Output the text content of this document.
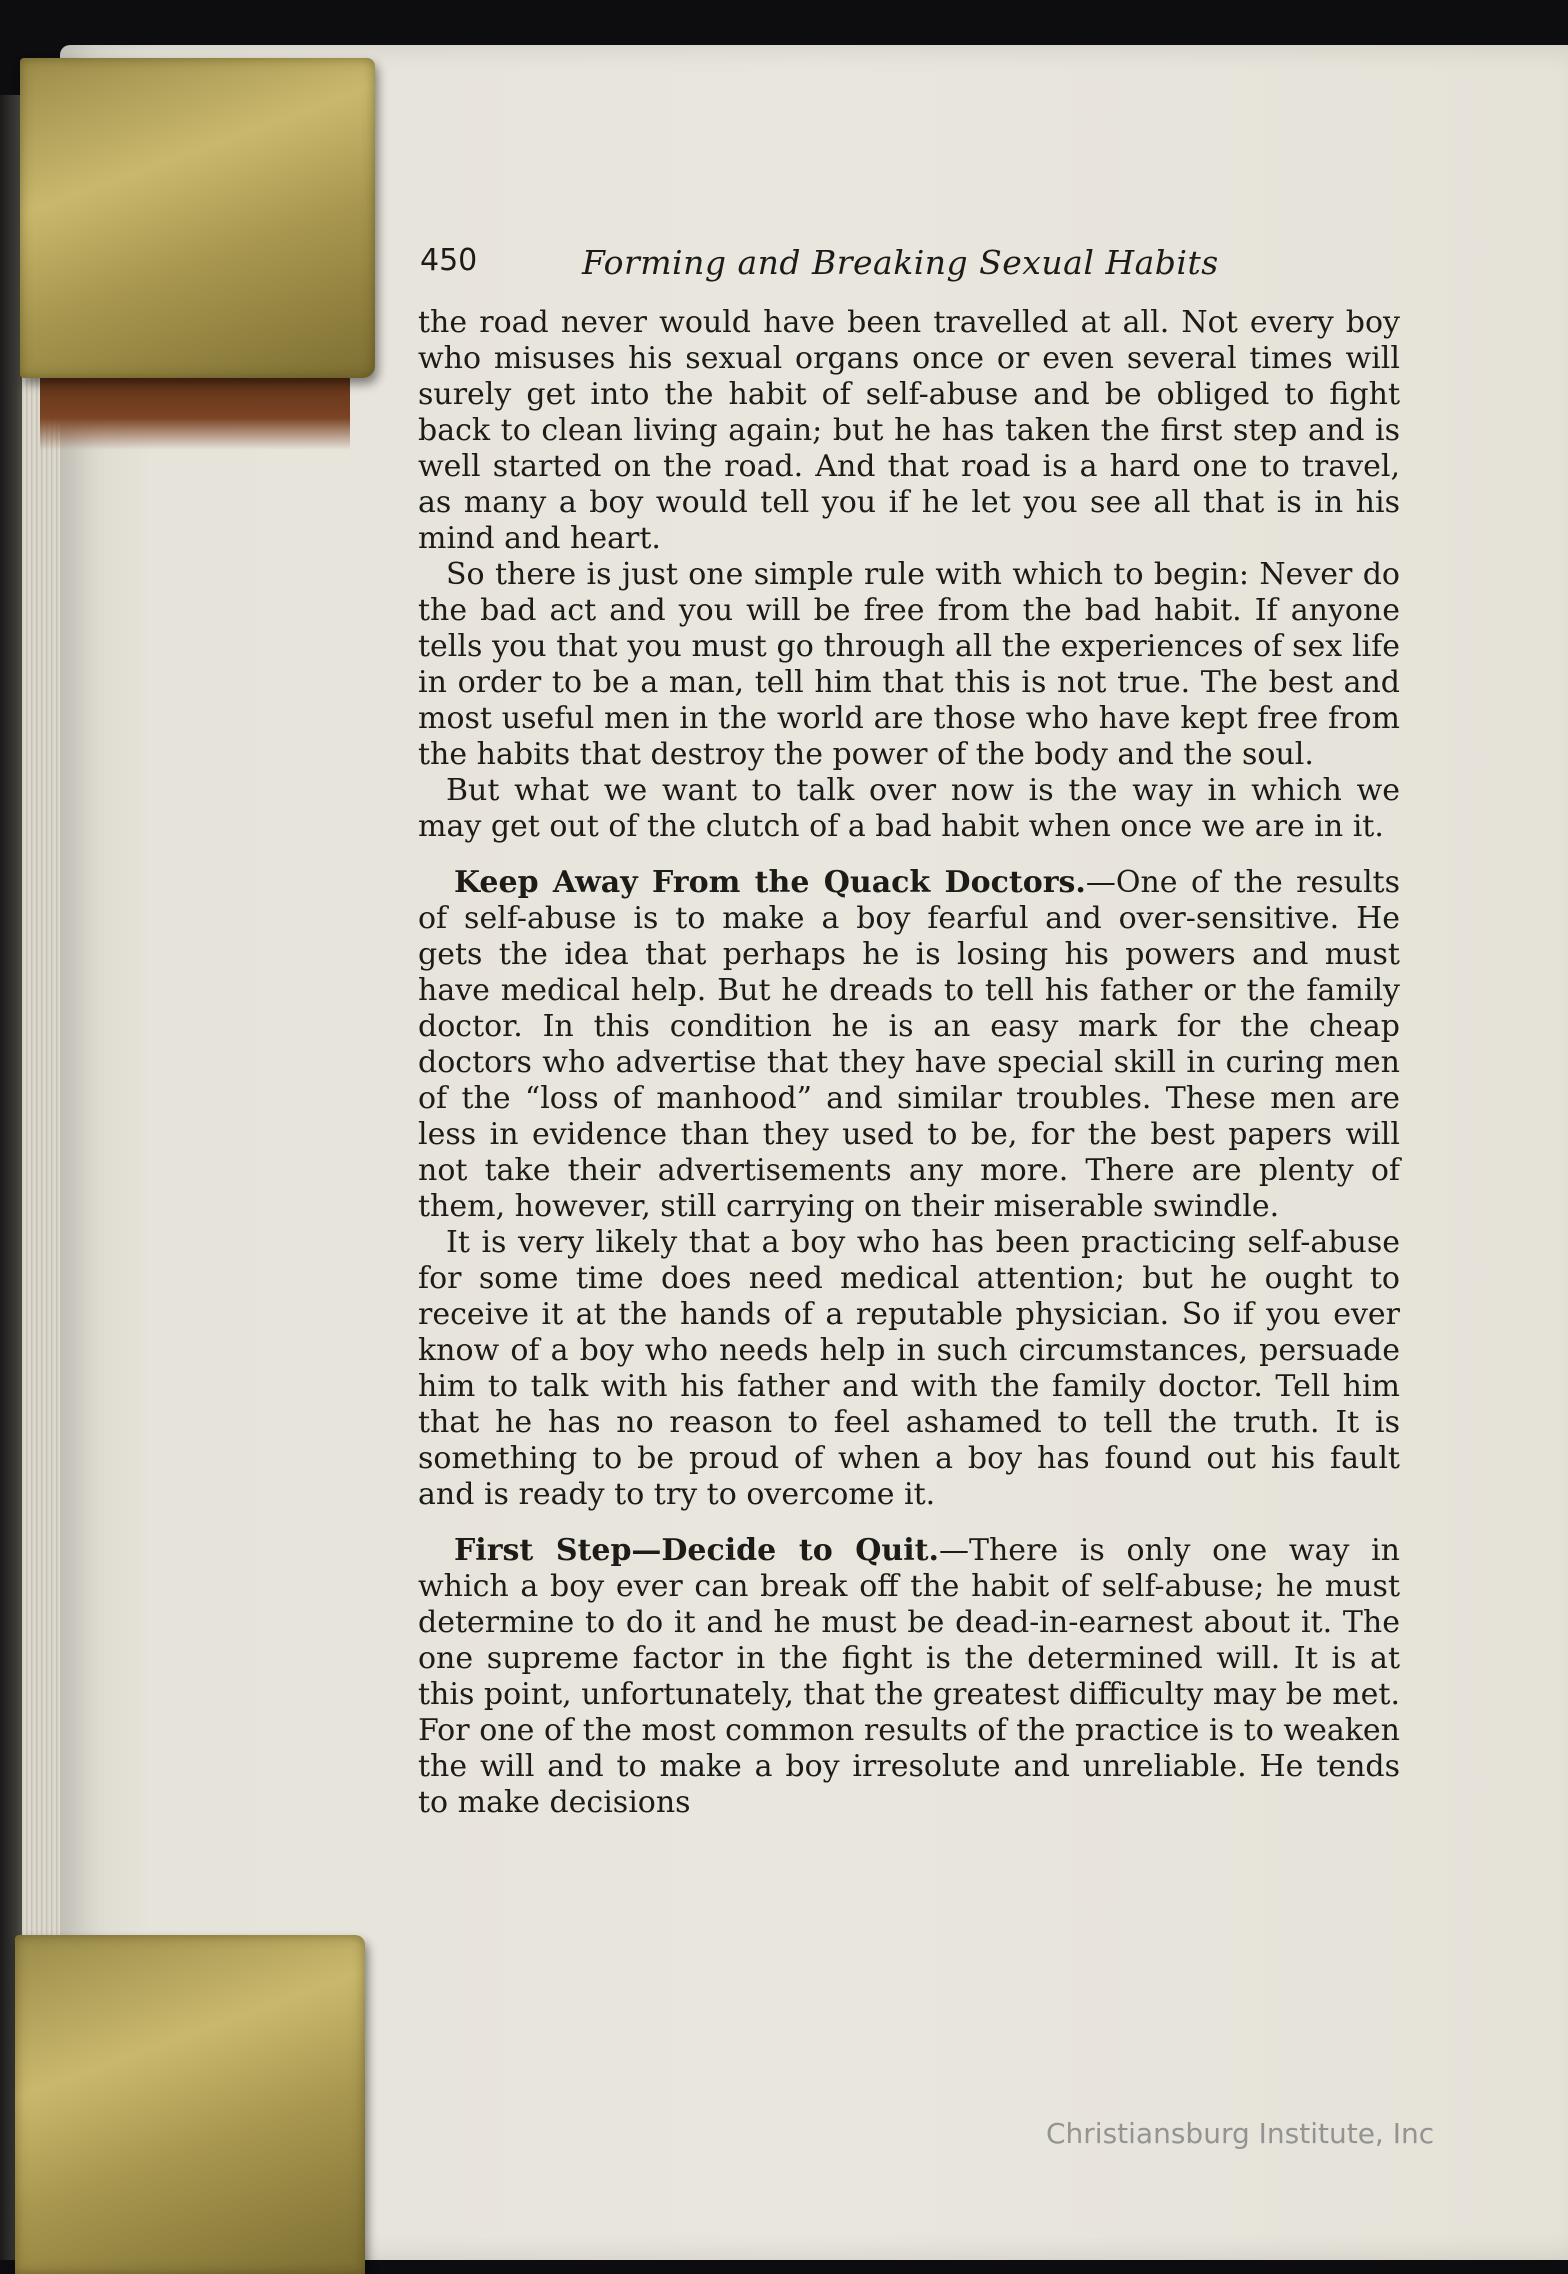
450	Forming and Breaking Sexual Habits

the road never would have been travelled at all. Not every boy who misuses his sexual organs once or even several times will surely get into the habit of self-abuse and be obliged to fight back to clean living again; but he has taken the first step and is well started on the road. And that road is a hard one to travel, as many a boy would tell you if he let you see all that is in his mind and heart.

So there is just one simple rule with which to begin: Never do the bad act and you will be free from the bad habit. If anyone tells you that you must go through all the experiences of sex life in order to be a man, tell him that this is not true. The best and most useful men in the world are those who have kept free from the habits that destroy the power of the body and the soul.

But what we want to talk over now is the way in which we may get out of the clutch of a bad habit when once we are in it.

Keep Away From the Quack Doctors.—One of the results of self-abuse is to make a boy fearful and over-sensitive. He gets the idea that perhaps he is losing his powers and must have medical help. But he dreads to tell his father or the family doctor. In this condition he is an easy mark for the cheap doctors who advertise that they have special skill in curing men of the “loss of manhood” and similar troubles. These men are less in evidence than they used to be, for the best papers will not take their advertisements any more. There are plenty of them, however, still carrying on their miserable swindle.

It is very likely that a boy who has been practicing self-abuse for some time does need medical attention; but he ought to receive it at the hands of a reputable physician. So if you ever know of a boy who needs help in such circumstances, persuade him to talk with his father and with the family doctor. Tell him that he has no reason to feel ashamed to tell the truth. It is something to be proud of when a boy has found out his fault and is ready to try to overcome it.

First Step—Decide to Quit.—There is only one way in which a boy ever can break off the habit of self-abuse; he must determine to do it and he must be dead-in-earnest about it. The one supreme factor in the fight is the determined will. It is at this point, unfortunately, that the greatest difficulty may be met. For one of the most common results of the practice is to weaken the will and to make a boy irresolute and unreliable. He tends to make decisions

Christiansburg Institute, Inc
